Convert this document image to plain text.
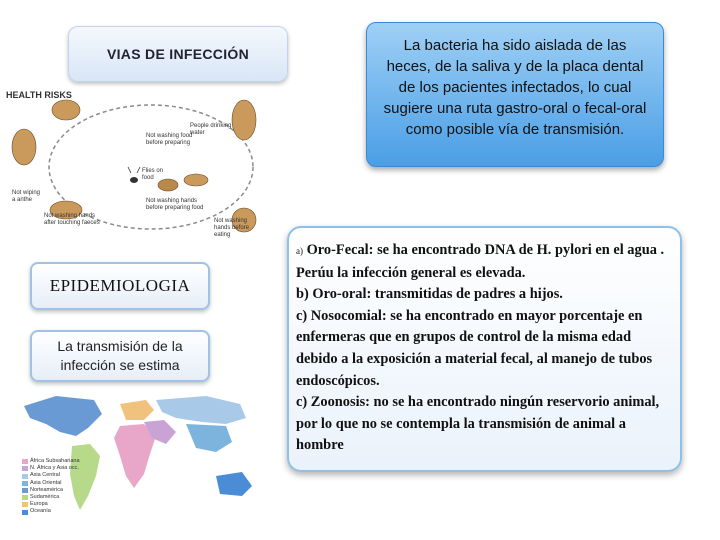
VIAS DE INFECCIÓN	La bacteria ha sido aislada de las heces, de la saliva y de la placa dental de los pacientes infectados, lo cual sugiere una ruta gastro-oral o fecal-oral como posible vía de transmisión.
HEALTH RISKS
People drinking water
Not washing food before preparing
Flies on food
Not wiping a anthe
Not washing hands after touching faeces
Not washing hands before preparing food
Not washing hands before eating

a) Oro-Fecal: se ha encontrado DNA de H. pylori en el agua . Perúu la infección general es elevada.

b) Oro-oral: transmitidas de padres a hijos.

c) Nosocomial: se ha encontrado en mayor porcentaje en enfermeras que en grupos de control de la misma edad debido a la exposición a material fecal, al manejo de tubos endoscópicos.

c) Zoonosis: no se ha encontrado ningún reservorio animal, por lo que no se contempla la transmisión de animal a hombre

EPIDEMIOLOGIA
La transmisión de la infección se estima
África Subsahariana
N. África y Asia occ.
Asia Central
Asia Oriental
Norteamérica
Sudamérica
Europa
Oceanía
